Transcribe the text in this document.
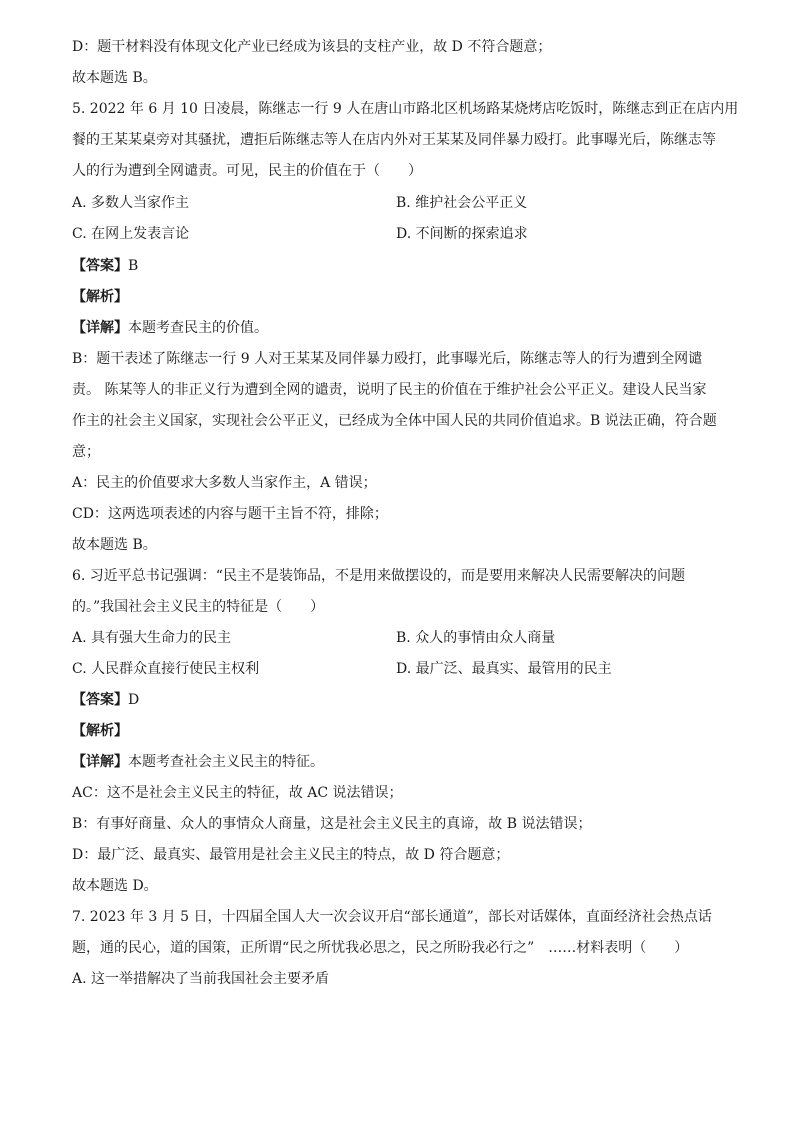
D：题干材料没有体现文化产业已经成为该县的支柱产业，故 D 不符合题意；
故本题选 B。
5. 2022 年 6 月 10 日凌晨，陈继志一行 9 人在唐山市路北区机场路某烧烤店吃饭时，陈继志到正在店内用
餐的王某某桌旁对其骚扰，遭拒后陈继志等人在店内外对王某某及同伴暴力殴打。此事曝光后，陈继志等
人的行为遭到全网谴责。可见，民主的价值在于（　　）
A. 多数人当家作主	B. 维护社会公平正义
C. 在网上发表言论	D. 不间断的探索追求
【答案】B
【解析】
【详解】本题考查民主的价值。
B：题干表述了陈继志一行 9 人对王某某及同伴暴力殴打，此事曝光后，陈继志等人的行为遭到全网谴
责。 陈某等人的非正义行为遭到全网的谴责，说明了民主的价值在于维护社会公平正义。建设人民当家
作主的社会主义国家，实现社会公平正义，已经成为全体中国人民的共同价值追求。B 说法正确，符合题
意；
A：民主的价值要求大多数人当家作主，A 错误；
CD：这两选项表述的内容与题干主旨不符，排除；
故本题选 B。
6. 习近平总书记强调：“民主不是装饰品，不是用来做摆设的，而是要用来解决人民需要解决的问题
的。”我国社会主义民主的特征是（　　）
A. 具有强大生命力的民主	B. 众人的事情由众人商量
C. 人民群众直接行使民主权利	D. 最广泛、最真实、最管用的民主
【答案】D
【解析】
【详解】本题考查社会主义民主的特征。
AC：这不是社会主义民主的特征，故 AC 说法错误；
B：有事好商量、众人的事情众人商量，这是社会主义民主的真谛，故 B 说法错误；
D：最广泛、最真实、最管用是社会主义民主的特点，故 D 符合题意；
故本题选 D。
7. 2023 年 3 月 5 日，十四届全国人大一次会议开启“部长通道”，部长对话媒体，直面经济社会热点话
题，通的民心，道的国策，正所谓“民之所忧我必思之，民之所盼我必行之”　……材料表明（　　）
A. 这一举措解决了当前我国社会主要矛盾
